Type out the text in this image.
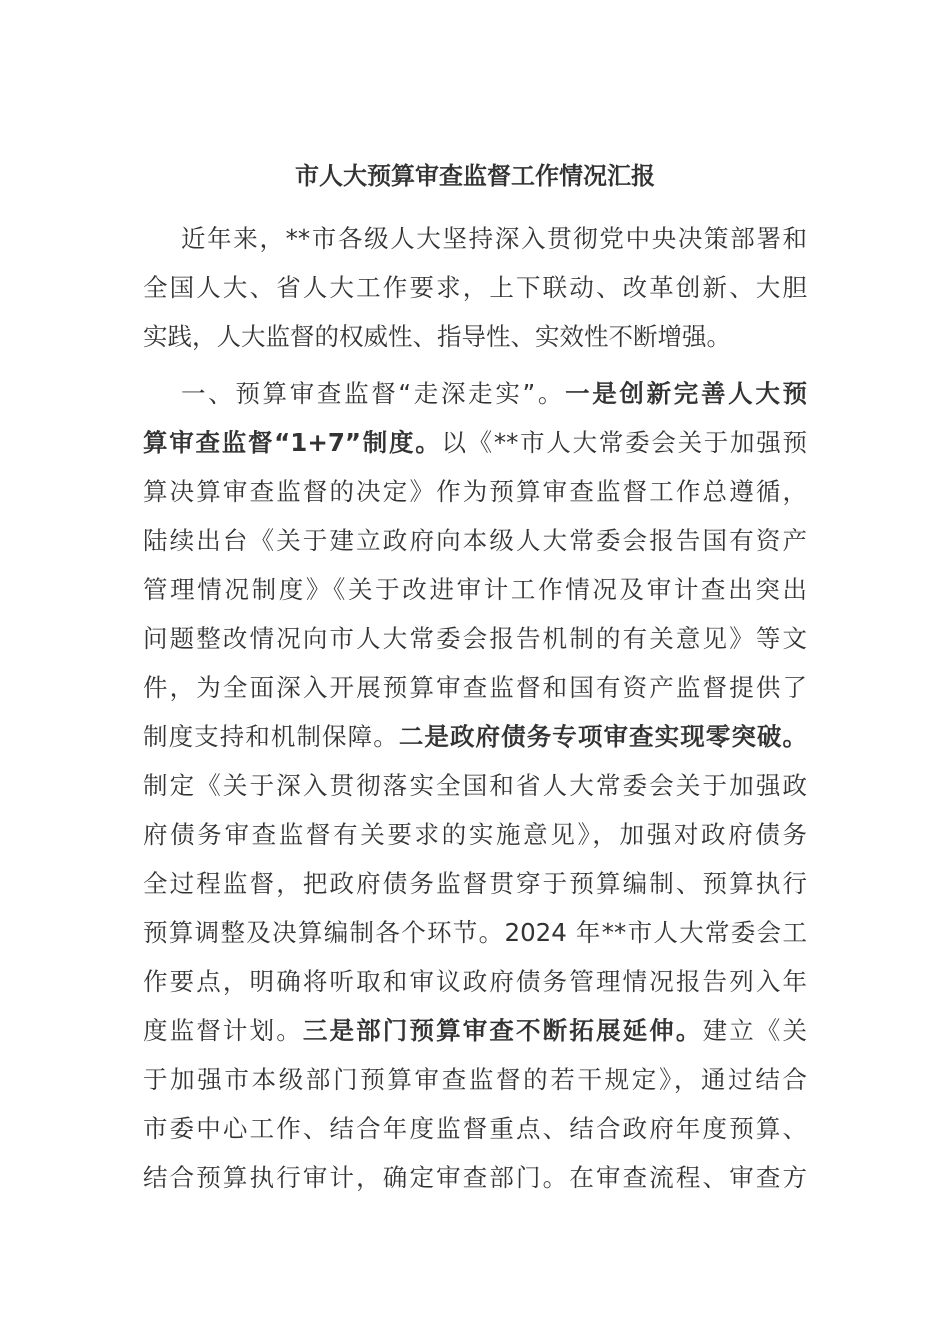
市人大预算审查监督工作情况汇报
近年来，**市各级人大坚持深入贯彻党中央决策部署和
全国人大、省人大工作要求，上下联动、改革创新、大胆
实践，人大监督的权威性、指导性、实效性不断增强。
一、预算审查监督“走深走实”。一是创新完善人大预
算审查监督“1+7”制度。以《**市人大常委会关于加强预
算决算审查监督的决定》作为预算审查监督工作总遵循，
陆续出台《关于建立政府向本级人大常委会报告国有资产
管理情况制度》《关于改进审计工作情况及审计查出突出
问题整改情况向市人大常委会报告机制的有关意见》等文
件，为全面深入开展预算审查监督和国有资产监督提供了
制度支持和机制保障。二是政府债务专项审查实现零突破。
制定《关于深入贯彻落实全国和省人大常委会关于加强政
府债务审查监督有关要求的实施意见》，加强对政府债务
全过程监督，把政府债务监督贯穿于预算编制、预算执行
预算调整及决算编制各个环节。2024 年**市人大常委会工
作要点，明确将听取和审议政府债务管理情况报告列入年
度监督计划。三是部门预算审查不断拓展延伸。建立《关
于加强市本级部门预算审查监督的若干规定》，通过结合
市委中心工作、结合年度监督重点、结合政府年度预算、
结合预算执行审计，确定审查部门。在审查流程、审查方
